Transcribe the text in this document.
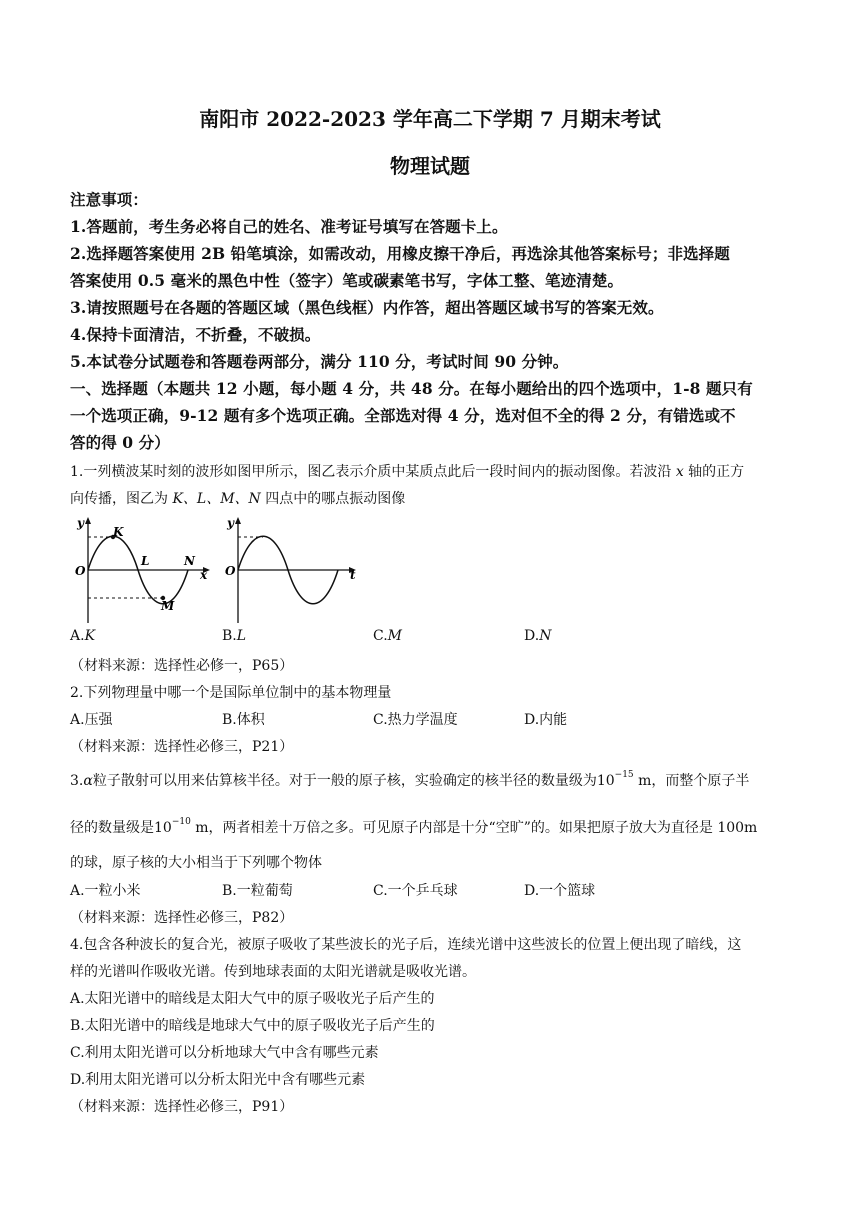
南阳市 2022-2023 学年高二下学期 7 月期末考试
物理试题
注意事项：
1.答题前，考生务必将自己的姓名、准考证号填写在答题卡上。
2.选择题答案使用 2B 铅笔填涂，如需改动，用橡皮擦干净后，再选涂其他答案标号；非选择题
答案使用 0.5 毫米的黑色中性（签字）笔或碳素笔书写，字体工整、笔迹清楚。
3.请按照题号在各题的答题区域（黑色线框）内作答，超出答题区域书写的答案无效。
4.保持卡面清洁，不折叠，不破损。
5.本试卷分试题卷和答题卷两部分，满分 110 分，考试时间 90 分钟。
一、选择题（本题共 12 小题，每小题 4 分，共 48 分。在每小题给出的四个选项中，1-8 题只有
一个选项正确，9-12 题有多个选项正确。全部选对得 4 分，选对但不全的得 2 分，有错选或不
答的得 0 分）
1.一列横波某时刻的波形如图甲所示，图乙表示介质中某质点此后一段时间内的振动图像。若波沿 x 轴的正方
向传播，图乙为 K、L、M、N 四点中的哪点振动图像
y
O	x
K
L
M
N
y
O	t
A.K	B.L	C.M	D.N
（材料来源：选择性必修一，P65）
2.下列物理量中哪一个是国际单位制中的基本物理量
A.压强	B.体积	C.热力学温度	D.内能
（材料来源：选择性必修三，P21）
3.α粒子散射可以用来估算核半径。对于一般的原子核，实验确定的核半径的数量级为$10^{-15}$ m，而整个原子半
径的数量级是$10^{-10}$ m，两者相差十万倍之多。可见原子内部是十分“空旷”的。如果把原子放大为直径是 100m
的球，原子核的大小相当于下列哪个物体
A.一粒小米	B.一粒葡萄	C.一个乒乓球	D.一个篮球
（材料来源：选择性必修三，P82）
4.包含各种波长的复合光，被原子吸收了某些波长的光子后，连续光谱中这些波长的位置上便出现了暗线，这
样的光谱叫作吸收光谱。传到地球表面的太阳光谱就是吸收光谱。
A.太阳光谱中的暗线是太阳大气中的原子吸收光子后产生的
B.太阳光谱中的暗线是地球大气中的原子吸收光子后产生的
C.利用太阳光谱可以分析地球大气中含有哪些元素
D.利用太阳光谱可以分析太阳光中含有哪些元素
（材料来源：选择性必修三，P91）
